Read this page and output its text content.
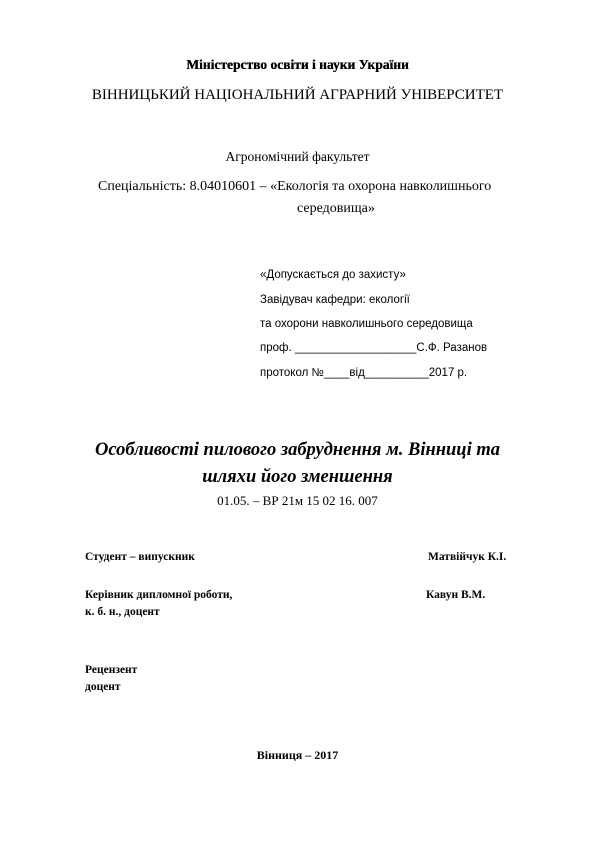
Міністерство освіти і науки України
ВІННИЦЬКИЙ НАЦІОНАЛЬНИЙ АГРАРНИЙ УНІВЕРСИТЕТ
Агрономічний факультет
Спеціальність: 8.04010601 – «Екологія та охорона навколишнього
середовища»
«Допускається до захисту»
Завідувач кафедри: екології
та охорони навколишнього середовища
проф. ___________________С.Ф. Разанов
протокол №____від__________2017 р.
Особливості пилового забруднення м. Вінниці та
шляхи його зменшення
01.05. – ВР 21м 15 02 16. 007
Студент – випускник	Матвійчук К.І.
Керівник дипломної роботи,	Кавун В.М.
к. б. н., доцент
Рецензент
доцент
Вінниця – 2017
